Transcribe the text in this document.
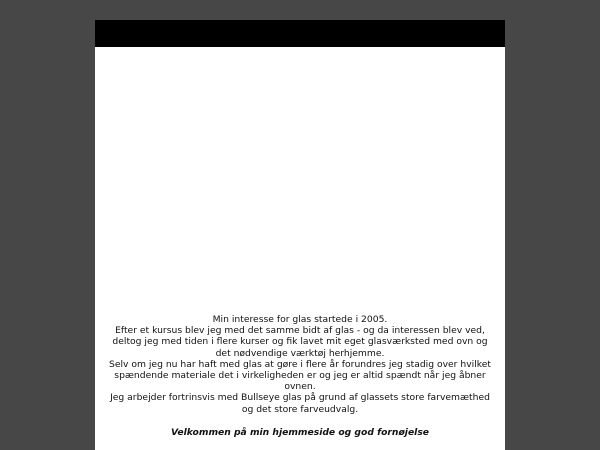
Min interesse for glas startede i 2005.

Efter et kursus blev jeg med det samme bidt af glas - og da interessen blev ved, deltog jeg med tiden i flere kurser og fik lavet mit eget glasværksted med ovn og det nødvendige værktøj herhjemme.

Selv om jeg nu har haft med glas at gøre i flere år forundres jeg stadig over hvilket spændende materiale det i virkeligheden er og jeg er altid spændt når jeg åbner ovnen.

Jeg arbejder fortrinsvis med Bullseye glas på grund af glassets store farvemæthed

og det store farveudvalg.

Velkommen på min hjemmeside og god fornøjelse
